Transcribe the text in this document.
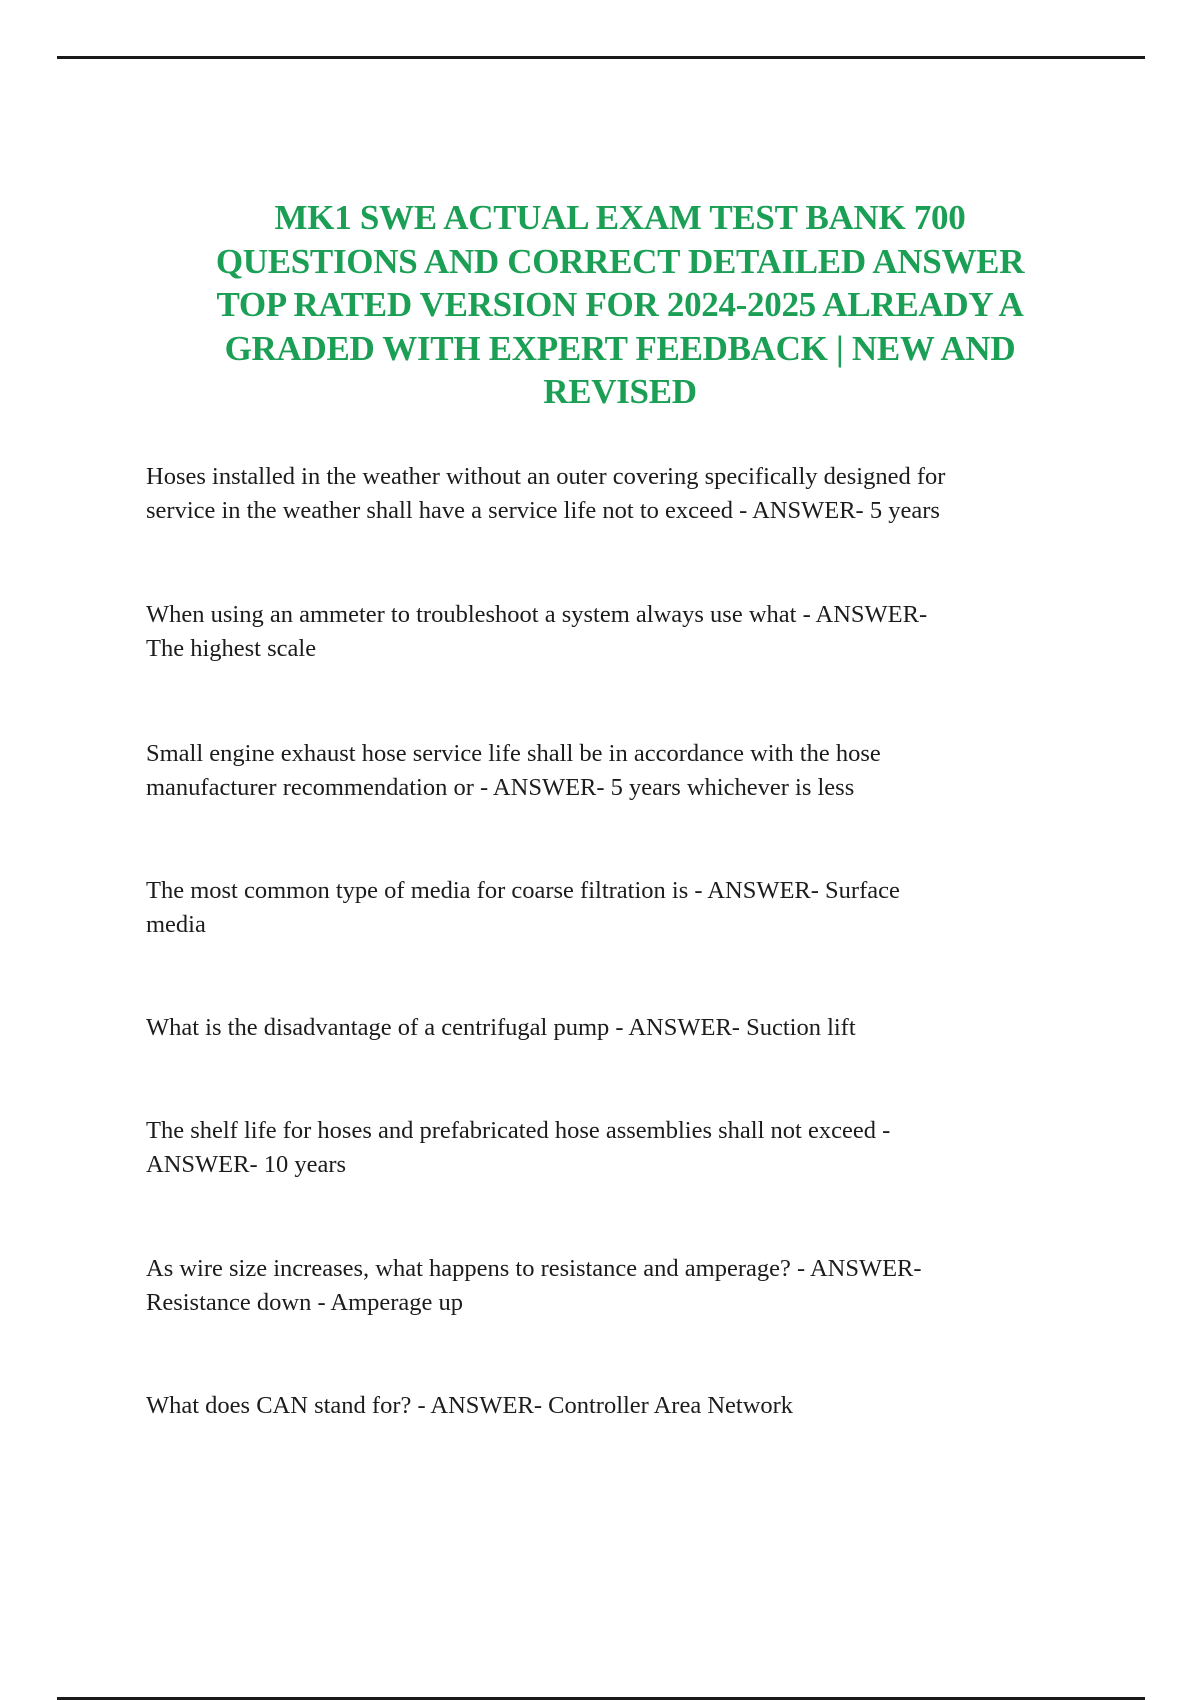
MK1 SWE ACTUAL EXAM TEST BANK 700
QUESTIONS AND CORRECT DETAILED ANSWER
TOP RATED VERSION FOR 2024-2025 ALREADY A
GRADED WITH EXPERT FEEDBACK | NEW AND
REVISED

Hoses installed in the weather without an outer covering specifically designed for
service in the weather shall have a service life not to exceed - ANSWER- 5 years

When using an ammeter to troubleshoot a system always use what - ANSWER-
The highest scale

Small engine exhaust hose service life shall be in accordance with the hose
manufacturer recommendation or - ANSWER- 5 years whichever is less

The most common type of media for coarse filtration is - ANSWER- Surface
media

What is the disadvantage of a centrifugal pump - ANSWER- Suction lift

The shelf life for hoses and prefabricated hose assemblies shall not exceed -
ANSWER- 10 years

As wire size increases, what happens to resistance and amperage? - ANSWER-
Resistance down - Amperage up

What does CAN stand for? - ANSWER- Controller Area Network
